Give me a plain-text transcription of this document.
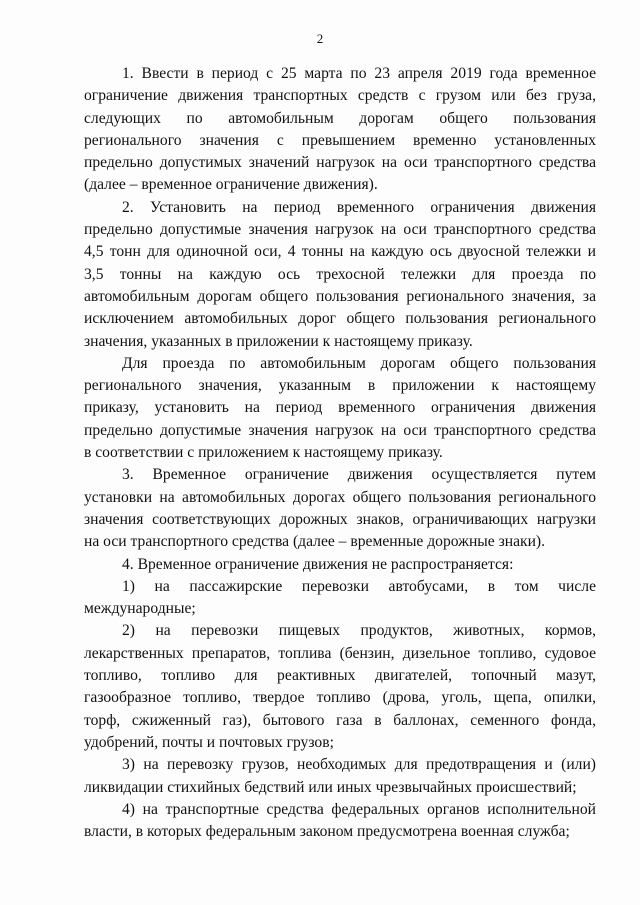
2
1. Ввести в период с 25 марта по 23 апреля 2019 года временное
ограничение движения транспортных средств с грузом или без груза,
следующих по автомобильным дорогам общего пользования
регионального значения с превышением временно установленных
предельно допустимых значений нагрузок на оси транспортного средства
(далее – временное ограничение движения).
2. Установить на период временного ограничения движения
предельно допустимые значения нагрузок на оси транспортного средства
4,5 тонн для одиночной оси, 4 тонны на каждую ось двуосной тележки и
3,5 тонны на каждую ось трехосной тележки для проезда по
автомобильным дорогам общего пользования регионального значения, за
исключением автомобильных дорог общего пользования регионального
значения, указанных в приложении к настоящему приказу.
Для проезда по автомобильным дорогам общего пользования
регионального значения, указанным в приложении к настоящему
приказу, установить на период временного ограничения движения
предельно допустимые значения нагрузок на оси транспортного средства
в соответствии с приложением к настоящему приказу.
3. Временное ограничение движения осуществляется путем
установки на автомобильных дорогах общего пользования регионального
значения соответствующих дорожных знаков, ограничивающих нагрузки
на оси транспортного средства (далее – временные дорожные знаки).
4. Временное ограничение движения не распространяется:
1) на пассажирские перевозки автобусами, в том числе
международные;
2) на перевозки пищевых продуктов, животных, кормов,
лекарственных препаратов, топлива (бензин, дизельное топливо, судовое
топливо, топливо для реактивных двигателей, топочный мазут,
газообразное топливо, твердое топливо (дрова, уголь, щепа, опилки,
торф, сжиженный газ), бытового газа в баллонах, семенного фонда,
удобрений, почты и почтовых грузов;
3) на перевозку грузов, необходимых для предотвращения и (или)
ликвидации стихийных бедствий или иных чрезвычайных происшествий;
4) на транспортные средства федеральных органов исполнительной
власти, в которых федеральным законом предусмотрена военная служба;
